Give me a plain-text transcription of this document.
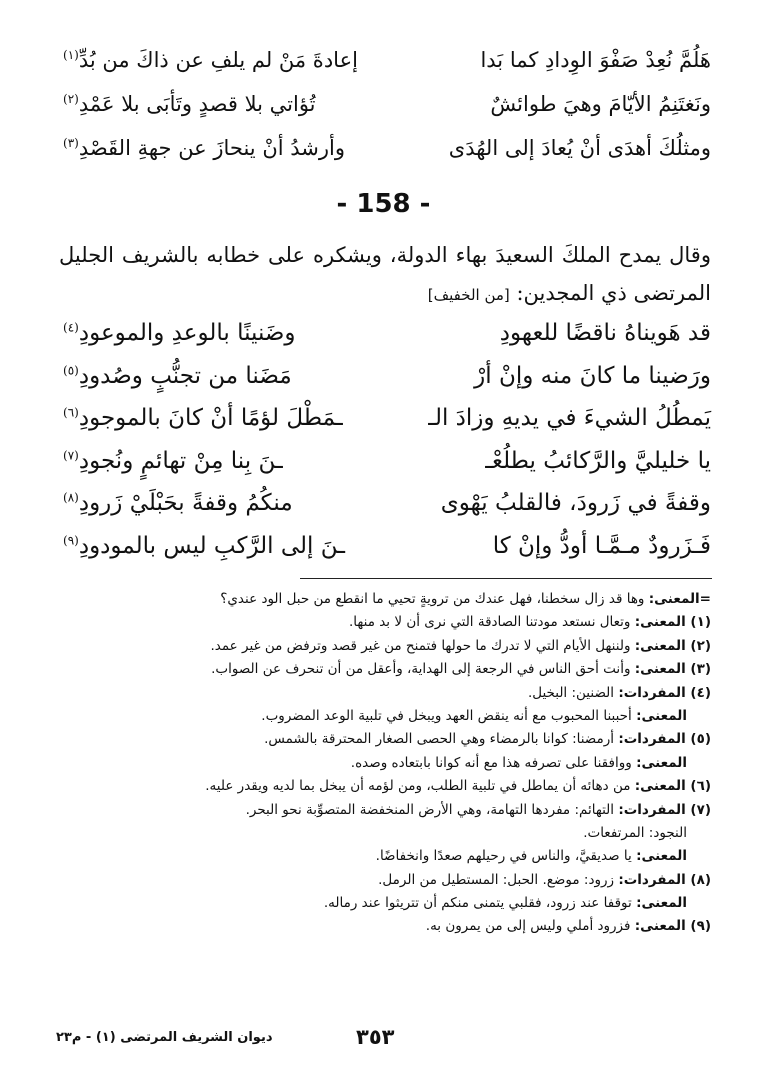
هَلُمَّ نُعِدْ صَفْوَ الوِدادِ كما بَدا
إعادةَ مَنْ لم يلفِ عن ذاكَ من بُدِّ$^{(١)}$
ونَغتَنِمُ الأيّامَ وهيَ طوائشٌ
تُؤاتي بلا قصدٍ وتَأبَى بلا عَمْدِ$^{(٢)}$
ومثلُكَ أهدَى أنْ يُعادَ إلى الهُدَى
وأرشدُ أنْ ينحازَ عن جهةِ القَصْدِ$^{(٣)}$
- 158 -
وقال يمدح الملكَ السعيدَ بهاء الدولة، ويشكره على خطابه بالشريف الجليل المرتضى ذي المجدين: [من الخفيف]
قد هَويناهُ ناقضًا للعهودِ
وضَنينًا بالوعدِ والموعودِ$^{(٤)}$
ورَضينا ما كانَ منه وإنْ أرْ
مَضَنا من تجنُّبٍ وصُدودِ$^{(٥)}$
يَمطُلُ الشيءَ في يديهِ وزادَ الـ
ـمَطْلَ لؤمًا أنْ كانَ بالموجودِ$^{(٦)}$
يا خليليَّ والرَّكائبُ يطلُعْـ
ـنَ بِنا مِنْ تهائمٍ ونُجودِ$^{(٧)}$
وقفةً في زَرودَ، فالقلبُ يَهْوى
منكُمُ وقفةً بحَبْلَيْ زَرودِ$^{(٨)}$
فَـزَرودٌ مـمَّـا أودُّ وإنْ كا
ـنَ إلى الرَّكبِ ليس بالمودودِ$^{(٩)}$
=المعنى: وها قد زال سخطنا، فهل عندك من ترويةٍ تحيي ما انقطع من حبل الود عندي؟
(١) المعنى: وتعال نستعد مودتنا الصادقة التي نرى أن لا بد منها.
(٢) المعنى: ولننهل الأيام التي لا تدرك ما حولها فتمنح من غير قصد وترفض من غير عمد.
(٣) المعنى: وأنت أحق الناس في الرجعة إلى الهداية، وأعقل من أن تنحرف عن الصواب.
(٤) المفردات: الضنين: البخيل.
المعنى: أحببنا المحبوب مع أنه ينقض العهد ويبخل في تلبية الوعد المضروب.
(٥) المفردات: أرمضنا: كوانا بالرمضاء وهي الحصى الصغار المحترقة بالشمس.
المعنى: ووافقنا على تصرفه هذا مع أنه كوانا بابتعاده وصده.
(٦) المعنى: من دهائه أن يماطل في تلبية الطلب، ومن لؤمه أن يبخل بما لديه ويقدر عليه.
(٧) المفردات: التهائم: مفردها التهامة، وهي الأرض المنخفضة المتصوِّبة نحو البحر.
النجود: المرتفعات.
المعنى: يا صديقيَّ، والناس في رحيلهم صعدًا وانخفاضًا.
(٨) المفردات: زرود: موضع. الحبل: المستطيل من الرمل.
المعنى: توقفا عند زرود، فقلبي يتمنى منكم أن تتريثوا عند رماله.
(٩) المعنى: فزرود أملي وليس إلى من يمرون به.
٣٥٣
ديوان الشريف المرتضى (١) - م٢٣
